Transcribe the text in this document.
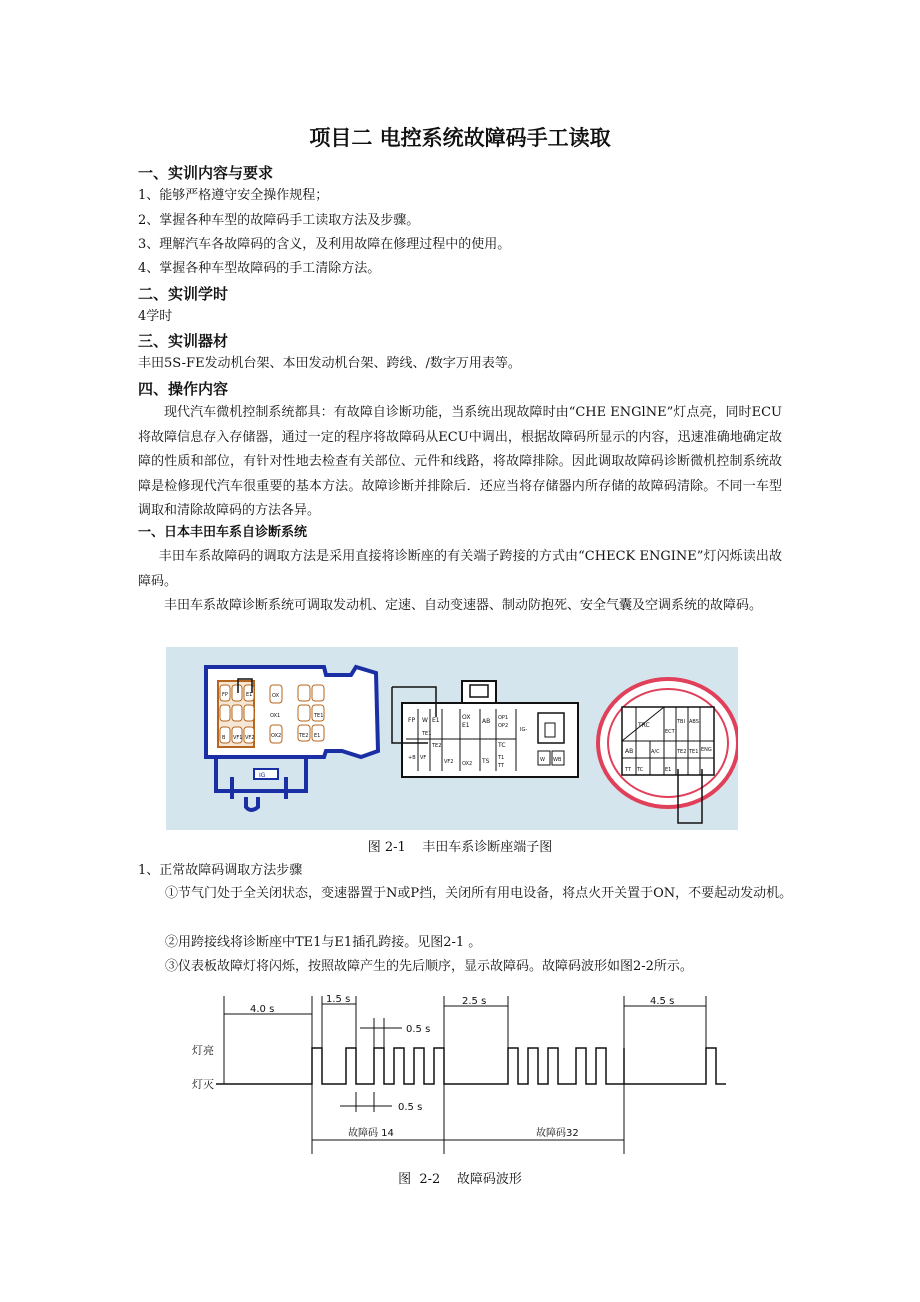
项目二 电控系统故障码手工读取
一、实训内容与要求
1、能够严格遵守安全操作规程；
2、掌握各种车型的故障码手工读取方法及步骤。
3、理解汽车各故障码的含义，及利用故障在修理过程中的使用。
4、掌握各种车型故障码的手工清除方法。
二、实训学时
4学时
三、实训器材
丰田5S-FE发动机台架、本田发动机台架、跨线、/数字万用表等。
四、操作内容

现代汽车微机控制系统都具：有故障自诊断功能，当系统出现故障时由“CHE ENGlNE”灯点亮，同时ECU将故障信息存入存储器，通过一定的程序将故障码从ECU中调出，根据故障码所显示的内容，迅速准确地确定故障的性质和部位，有针对性地去检查有关部位、元件和线路，将故障排除。因此调取故障码诊断微机控制系统故障是检修现代汽车很重要的基本方法。故障诊断并排除后．还应当将存储器内所存储的故障码清除。不同一车型调取和清除故障码的方法各异。

一、日本丰田车系自诊断系统

丰田车系故障码的调取方法是采用直接将诊断座的有关端子跨接的方式由“CHECK ENGINE”灯闪烁读出故障码。

丰田车系故障诊断系统可调取发动机、定速、自动变速器、制动防抱死、安全气囊及空调系统的故障码。

IG
FP	E1
B VF1 VF2
OX
OX1
OX2
TE1
TE2 E1
FP W E1
TE1
TE2
OX
E1
+B VF
VF2 OX2
AB OP1
OP2
TC
T1
TT
TS
IG-
W WB
TRC
AB	A/C
TT TC
ECT
E1
TBI
TE2
ABS
TE1 ENG
图 2-1    丰田车系诊断座端子图
1、正常故障码调取方法步骤

①节气门处于全关闭状态，变速器置于N或P挡，关闭所有用电设备，将点火开关置于ON，不要起动发动机。

②用跨接线将诊断座中TE1与E1插孔跨接。见图2-1 。

③仪表板故障灯将闪烁，按照故障产生的先后顺序，显示故障码。故障码波形如图2-2所示。

灯亮
灯灭
4.0 s
1.5 s
0.5 s
0.5 s
2.5 s	4.5 s
故障码 14	故障码32
图  2-2    故障码波形
